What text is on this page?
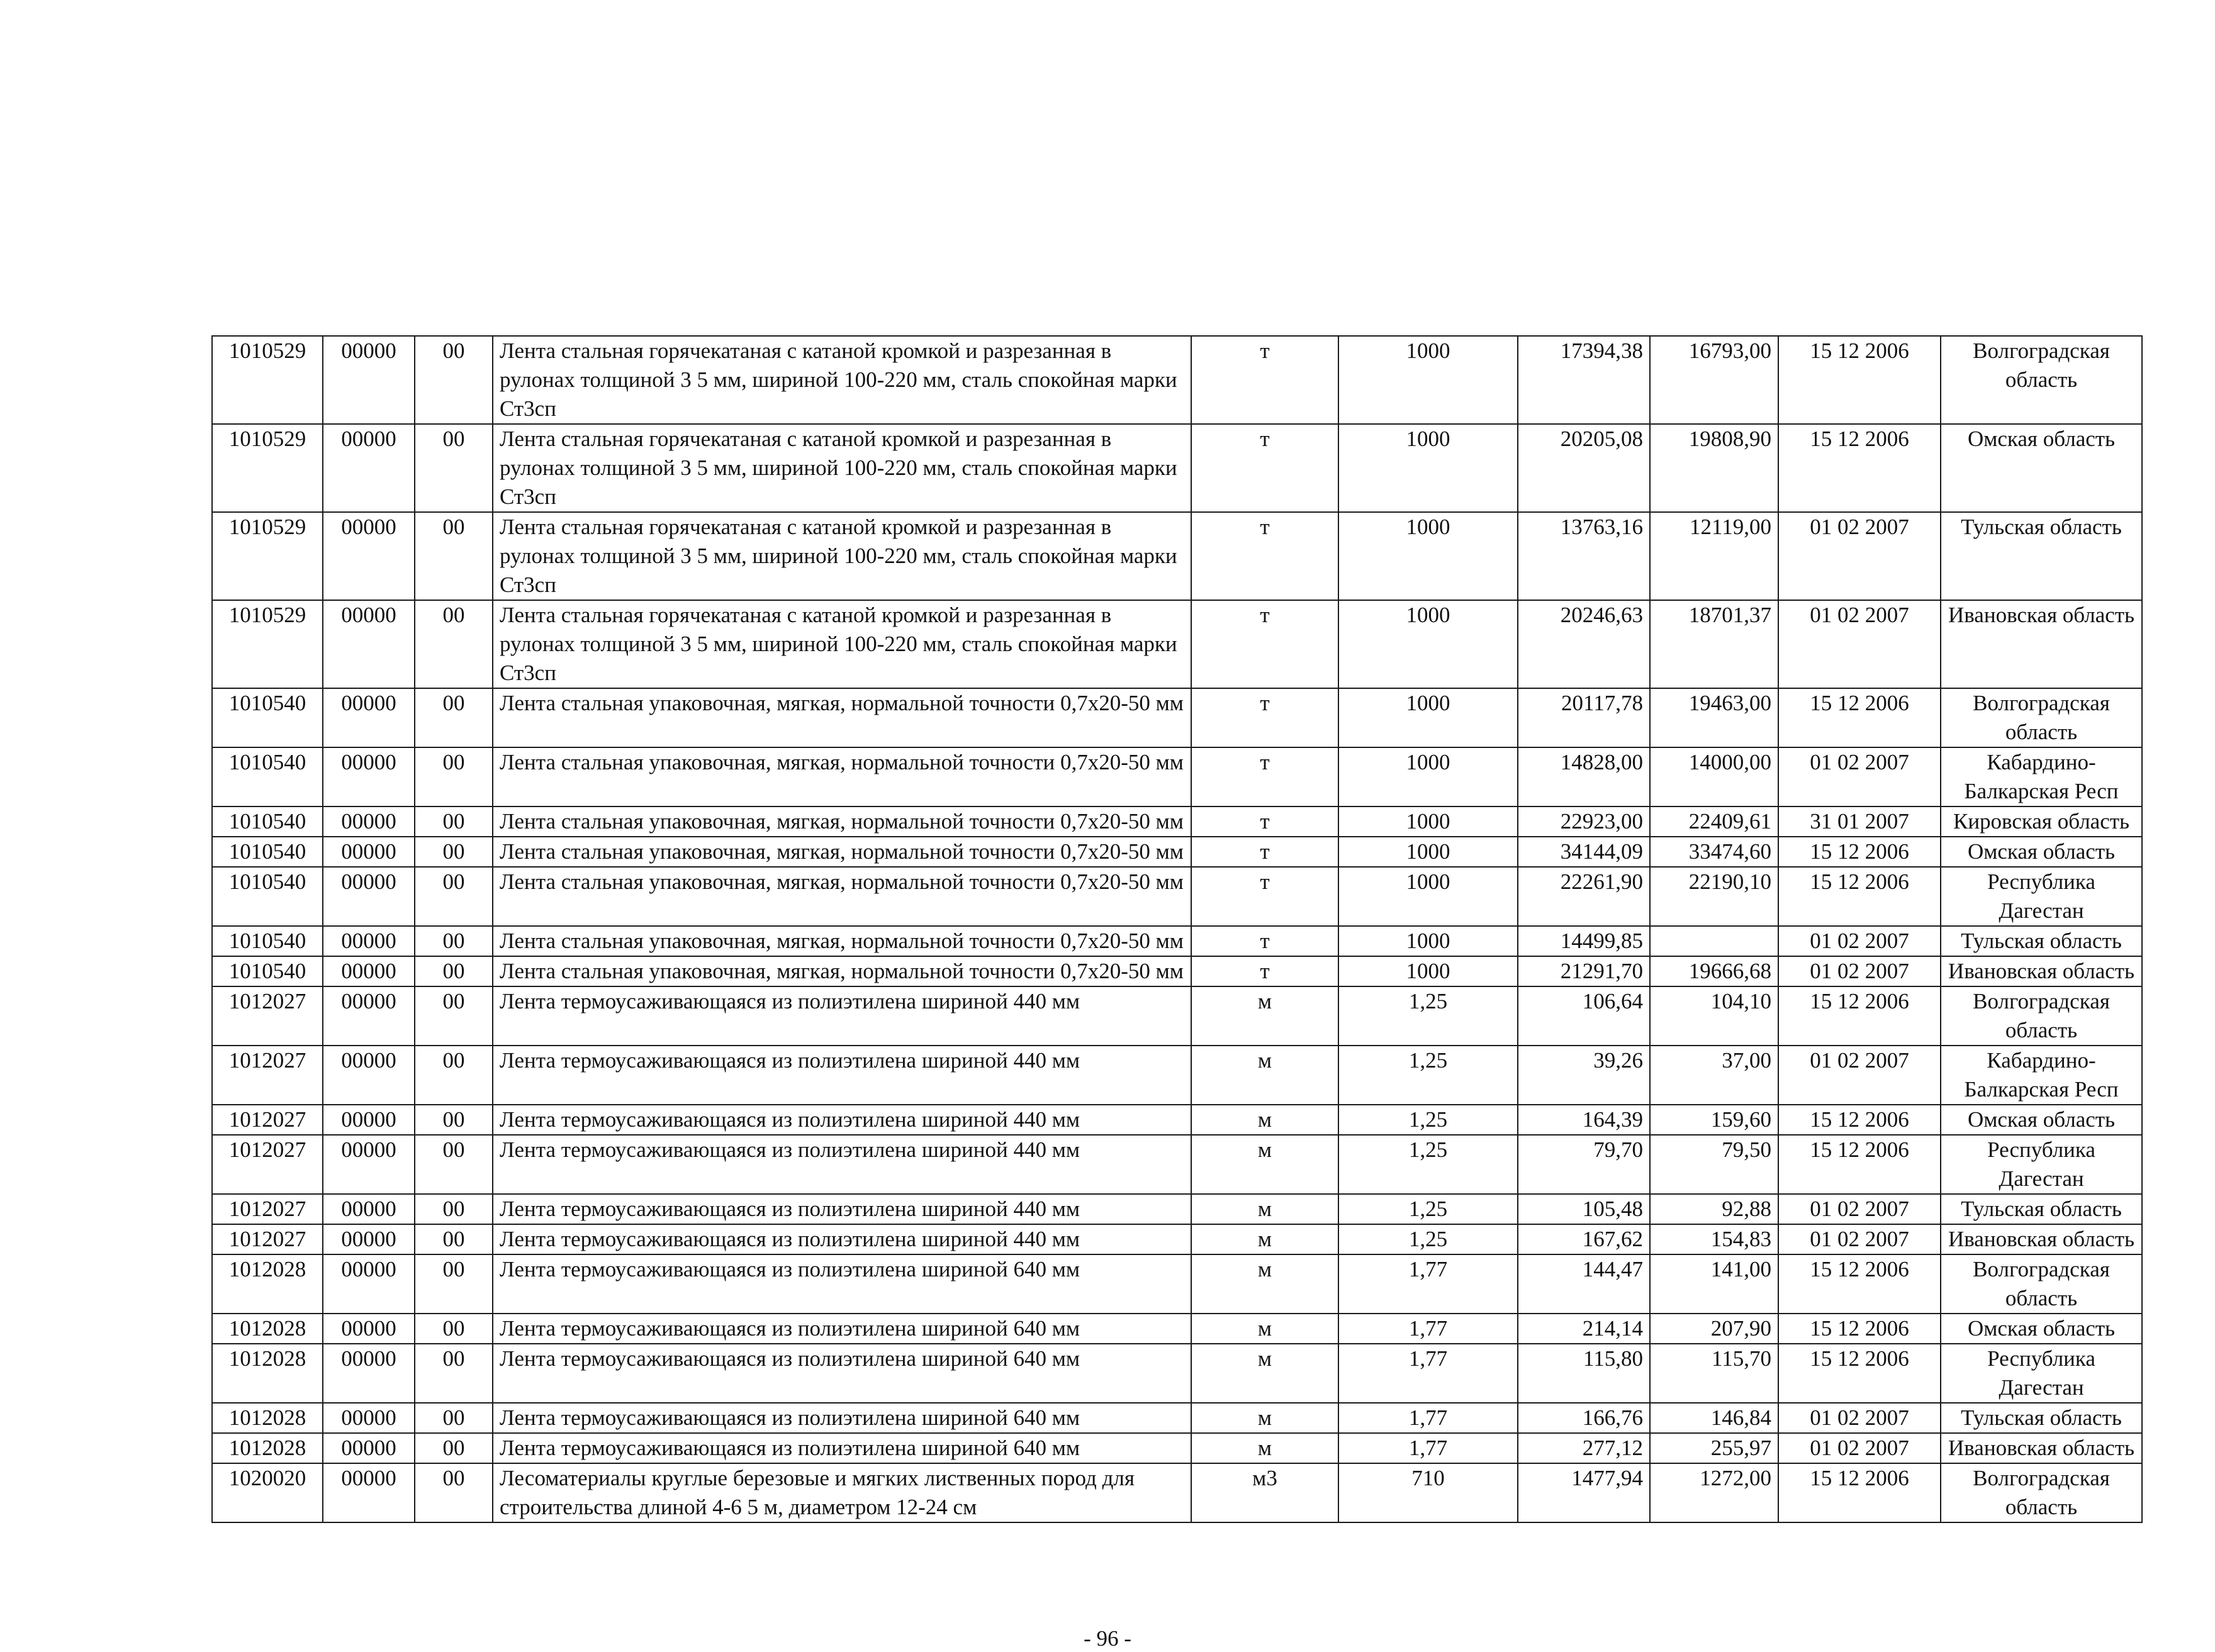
1010529	00000	00	Лента стальная горячекатаная с катаной кромкой и разрезанная в рулонах толщиной 3 5 мм, шириной 100-220 мм, сталь спокойная марки Ст3сп	т	1000	17394,38	16793,00	15 12 2006	Волгоградская область
1010529	00000	00	Лента стальная горячекатаная с катаной кромкой и разрезанная в рулонах толщиной 3 5 мм, шириной 100-220 мм, сталь спокойная марки Ст3сп	т	1000	20205,08	19808,90	15 12 2006	Омская область
1010529	00000	00	Лента стальная горячекатаная с катаной кромкой и разрезанная в рулонах толщиной 3 5 мм, шириной 100-220 мм, сталь спокойная марки Ст3сп	т	1000	13763,16	12119,00	01 02 2007	Тульская область
1010529	00000	00	Лента стальная горячекатаная с катаной кромкой и разрезанная в рулонах толщиной 3 5 мм, шириной 100-220 мм, сталь спокойная марки Ст3сп	т	1000	20246,63	18701,37	01 02 2007	Ивановская область
1010540	00000	00	Лента стальная упаковочная, мягкая, нормальной точности 0,7х20-50 мм	т	1000	20117,78	19463,00	15 12 2006	Волгоградская область
1010540	00000	00	Лента стальная упаковочная, мягкая, нормальной точности 0,7х20-50 мм	т	1000	14828,00	14000,00	01 02 2007	Кабардино-Балкарская Респ
1010540	00000	00	Лента стальная упаковочная, мягкая, нормальной точности 0,7х20-50 мм	т	1000	22923,00	22409,61	31 01 2007	Кировская область
1010540	00000	00	Лента стальная упаковочная, мягкая, нормальной точности 0,7х20-50 мм	т	1000	34144,09	33474,60	15 12 2006	Омская область
1010540	00000	00	Лента стальная упаковочная, мягкая, нормальной точности 0,7х20-50 мм	т	1000	22261,90	22190,10	15 12 2006	Республика Дагестан
1010540	00000	00	Лента стальная упаковочная, мягкая, нормальной точности 0,7х20-50 мм	т	1000	14499,85		01 02 2007	Тульская область
1010540	00000	00	Лента стальная упаковочная, мягкая, нормальной точности 0,7х20-50 мм	т	1000	21291,70	19666,68	01 02 2007	Ивановская область
1012027	00000	00	Лента термоусаживающаяся из полиэтилена шириной 440 мм	м	1,25	106,64	104,10	15 12 2006	Волгоградская область
1012027	00000	00	Лента термоусаживающаяся из полиэтилена шириной 440 мм	м	1,25	39,26	37,00	01 02 2007	Кабардино-Балкарская Респ
1012027	00000	00	Лента термоусаживающаяся из полиэтилена шириной 440 мм	м	1,25	164,39	159,60	15 12 2006	Омская область
1012027	00000	00	Лента термоусаживающаяся из полиэтилена шириной 440 мм	м	1,25	79,70	79,50	15 12 2006	Республика Дагестан
1012027	00000	00	Лента термоусаживающаяся из полиэтилена шириной 440 мм	м	1,25	105,48	92,88	01 02 2007	Тульская область
1012027	00000	00	Лента термоусаживающаяся из полиэтилена шириной 440 мм	м	1,25	167,62	154,83	01 02 2007	Ивановская область
1012028	00000	00	Лента термоусаживающаяся из полиэтилена шириной 640 мм	м	1,77	144,47	141,00	15 12 2006	Волгоградская область
1012028	00000	00	Лента термоусаживающаяся из полиэтилена шириной 640 мм	м	1,77	214,14	207,90	15 12 2006	Омская область
1012028	00000	00	Лента термоусаживающаяся из полиэтилена шириной 640 мм	м	1,77	115,80	115,70	15 12 2006	Республика Дагестан
1012028	00000	00	Лента термоусаживающаяся из полиэтилена шириной 640 мм	м	1,77	166,76	146,84	01 02 2007	Тульская область
1012028	00000	00	Лента термоусаживающаяся из полиэтилена шириной 640 мм	м	1,77	277,12	255,97	01 02 2007	Ивановская область
1020020	00000	00	Лесоматериалы круглые березовые и мягких лиственных пород для строительства длиной 4-6 5 м, диаметром 12-24 см	м3	710	1477,94	1272,00	15 12 2006	Волгоградская область
- 96 -
